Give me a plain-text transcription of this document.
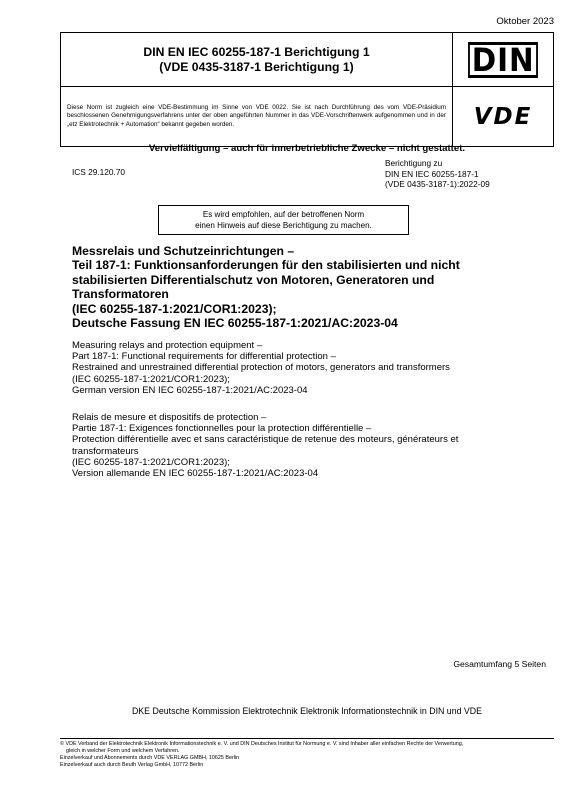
Oktober 2023
DIN EN IEC 60255-187-1 Berichtigung 1
(VDE 0435-3187-1 Berichtigung 1)	DIN
Diese Norm ist zugleich eine VDE-Bestimmung im Sinne von VDE 0022. Sie ist nach Durchführung des vom VDE-Präsidium beschlossenen Genehmigungsverfahrens unter der oben angeführten Nummer in das VDE-Vorschriftenwerk aufgenommen und in der „etz Elektrotechnik + Automation“ bekannt gegeben worden.	VDE
Vervielfältigung – auch für innerbetriebliche Zwecke – nicht gestattet.
ICS 29.120.70
Berichtigung zu
DIN EN IEC 60255-187-1
(VDE 0435-3187-1):2022-09
Es wird empfohlen, auf der betroffenen Norm
einen Hinweis auf diese Berichtigung zu machen.
Messrelais und Schutzeinrichtungen –
Teil 187-1: Funktionsanforderungen für den stabilisierten und nicht
stabilisierten Differentialschutz von Motoren, Generatoren und
Transformatoren
(IEC 60255-187-1:2021/COR1:2023);
Deutsche Fassung EN IEC 60255-187-1:2021/AC:2023-04
Measuring relays and protection equipment –
Part 187-1: Functional requirements for differential protection –
Restrained and unrestrained differential protection of motors, generators and transformers
(IEC 60255-187-1:2021/COR1:2023);
German version EN IEC 60255-187-1:2021/AC:2023-04
Relais de mesure et dispositifs de protection –
Partie 187-1: Exigences fonctionnelles pour la protection différentielle –
Protection différentielle avec et sans caractéristique de retenue des moteurs, générateurs et
transformateurs
(IEC 60255-187-1:2021/COR1:2023);
Version allemande EN IEC 60255-187-1:2021/AC:2023-04
Gesamtumfang 5 Seiten
DKE Deutsche Kommission Elektrotechnik Elektronik Informationstechnik in DIN und VDE
© VDE Verband der Elektrotechnik Elektronik Informationstechnik e. V. und DIN Deutsches Institut für Normung e. V. sind Inhaber aller einfachen Rechte der Verwertung,
gleich in welcher Form und welchem Verfahren.
Einzelverkauf und Abonnements durch VDE VERLAG GMBH, 10625 Berlin
Einzelverkauf auch durch Beuth Verlag GmbH, 10772 Berlin
